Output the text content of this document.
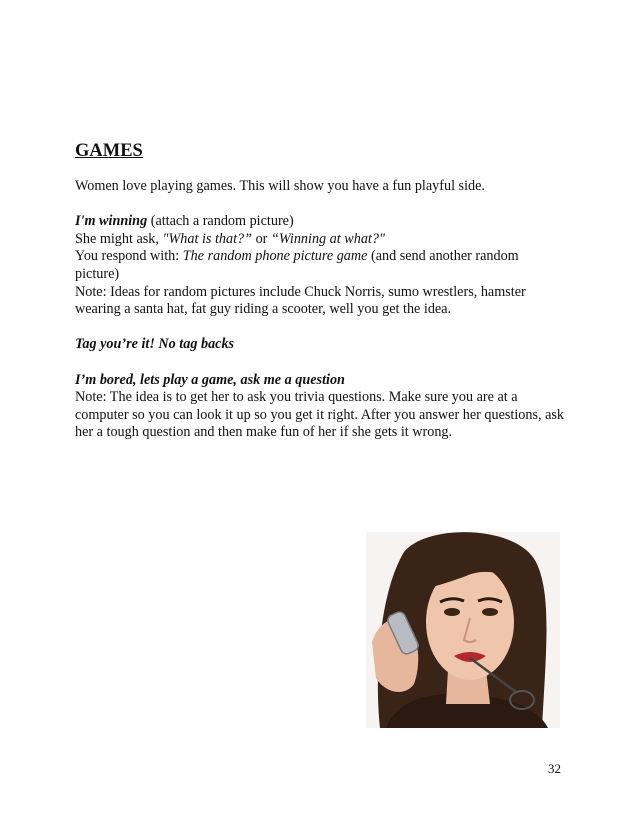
GAMES

Women love playing games. This will show you have a fun playful side.

I'm winning (attach a random picture)

She might ask, "What is that?” or “Winning at what?"

You respond with: The random phone picture game (and send another random picture)

Note: Ideas for random pictures include Chuck Norris, sumo wrestlers, hamster wearing a santa hat, fat guy riding a scooter, well you get the idea.

Tag you’re it! No tag backs

I’m bored, lets play a game, ask me a question

Note: The idea is to get her to ask you trivia questions. Make sure you are at a computer so you can look it up so you get it right. After you answer her questions, ask her a tough question and then make fun of her if she gets it wrong.

32
